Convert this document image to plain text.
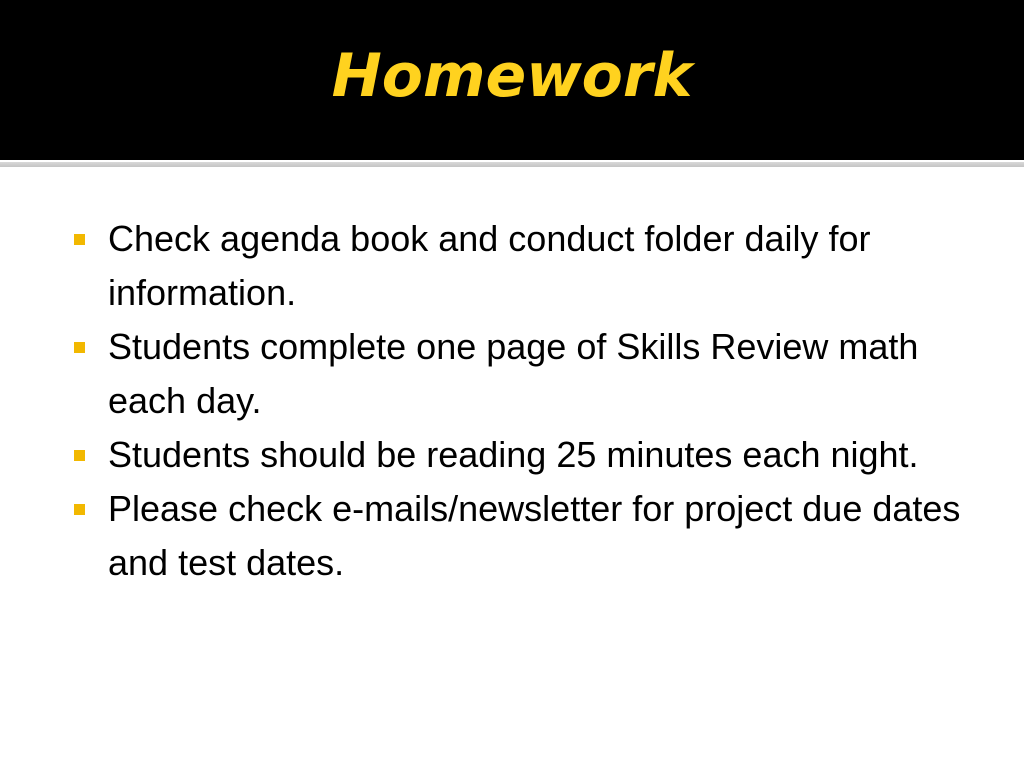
Homework
Check agenda book and conduct folder daily for information.
Students complete one page of Skills Review math each day.
Students should be reading 25 minutes each night.
Please check e-mails/newsletter for project due dates and test dates.
